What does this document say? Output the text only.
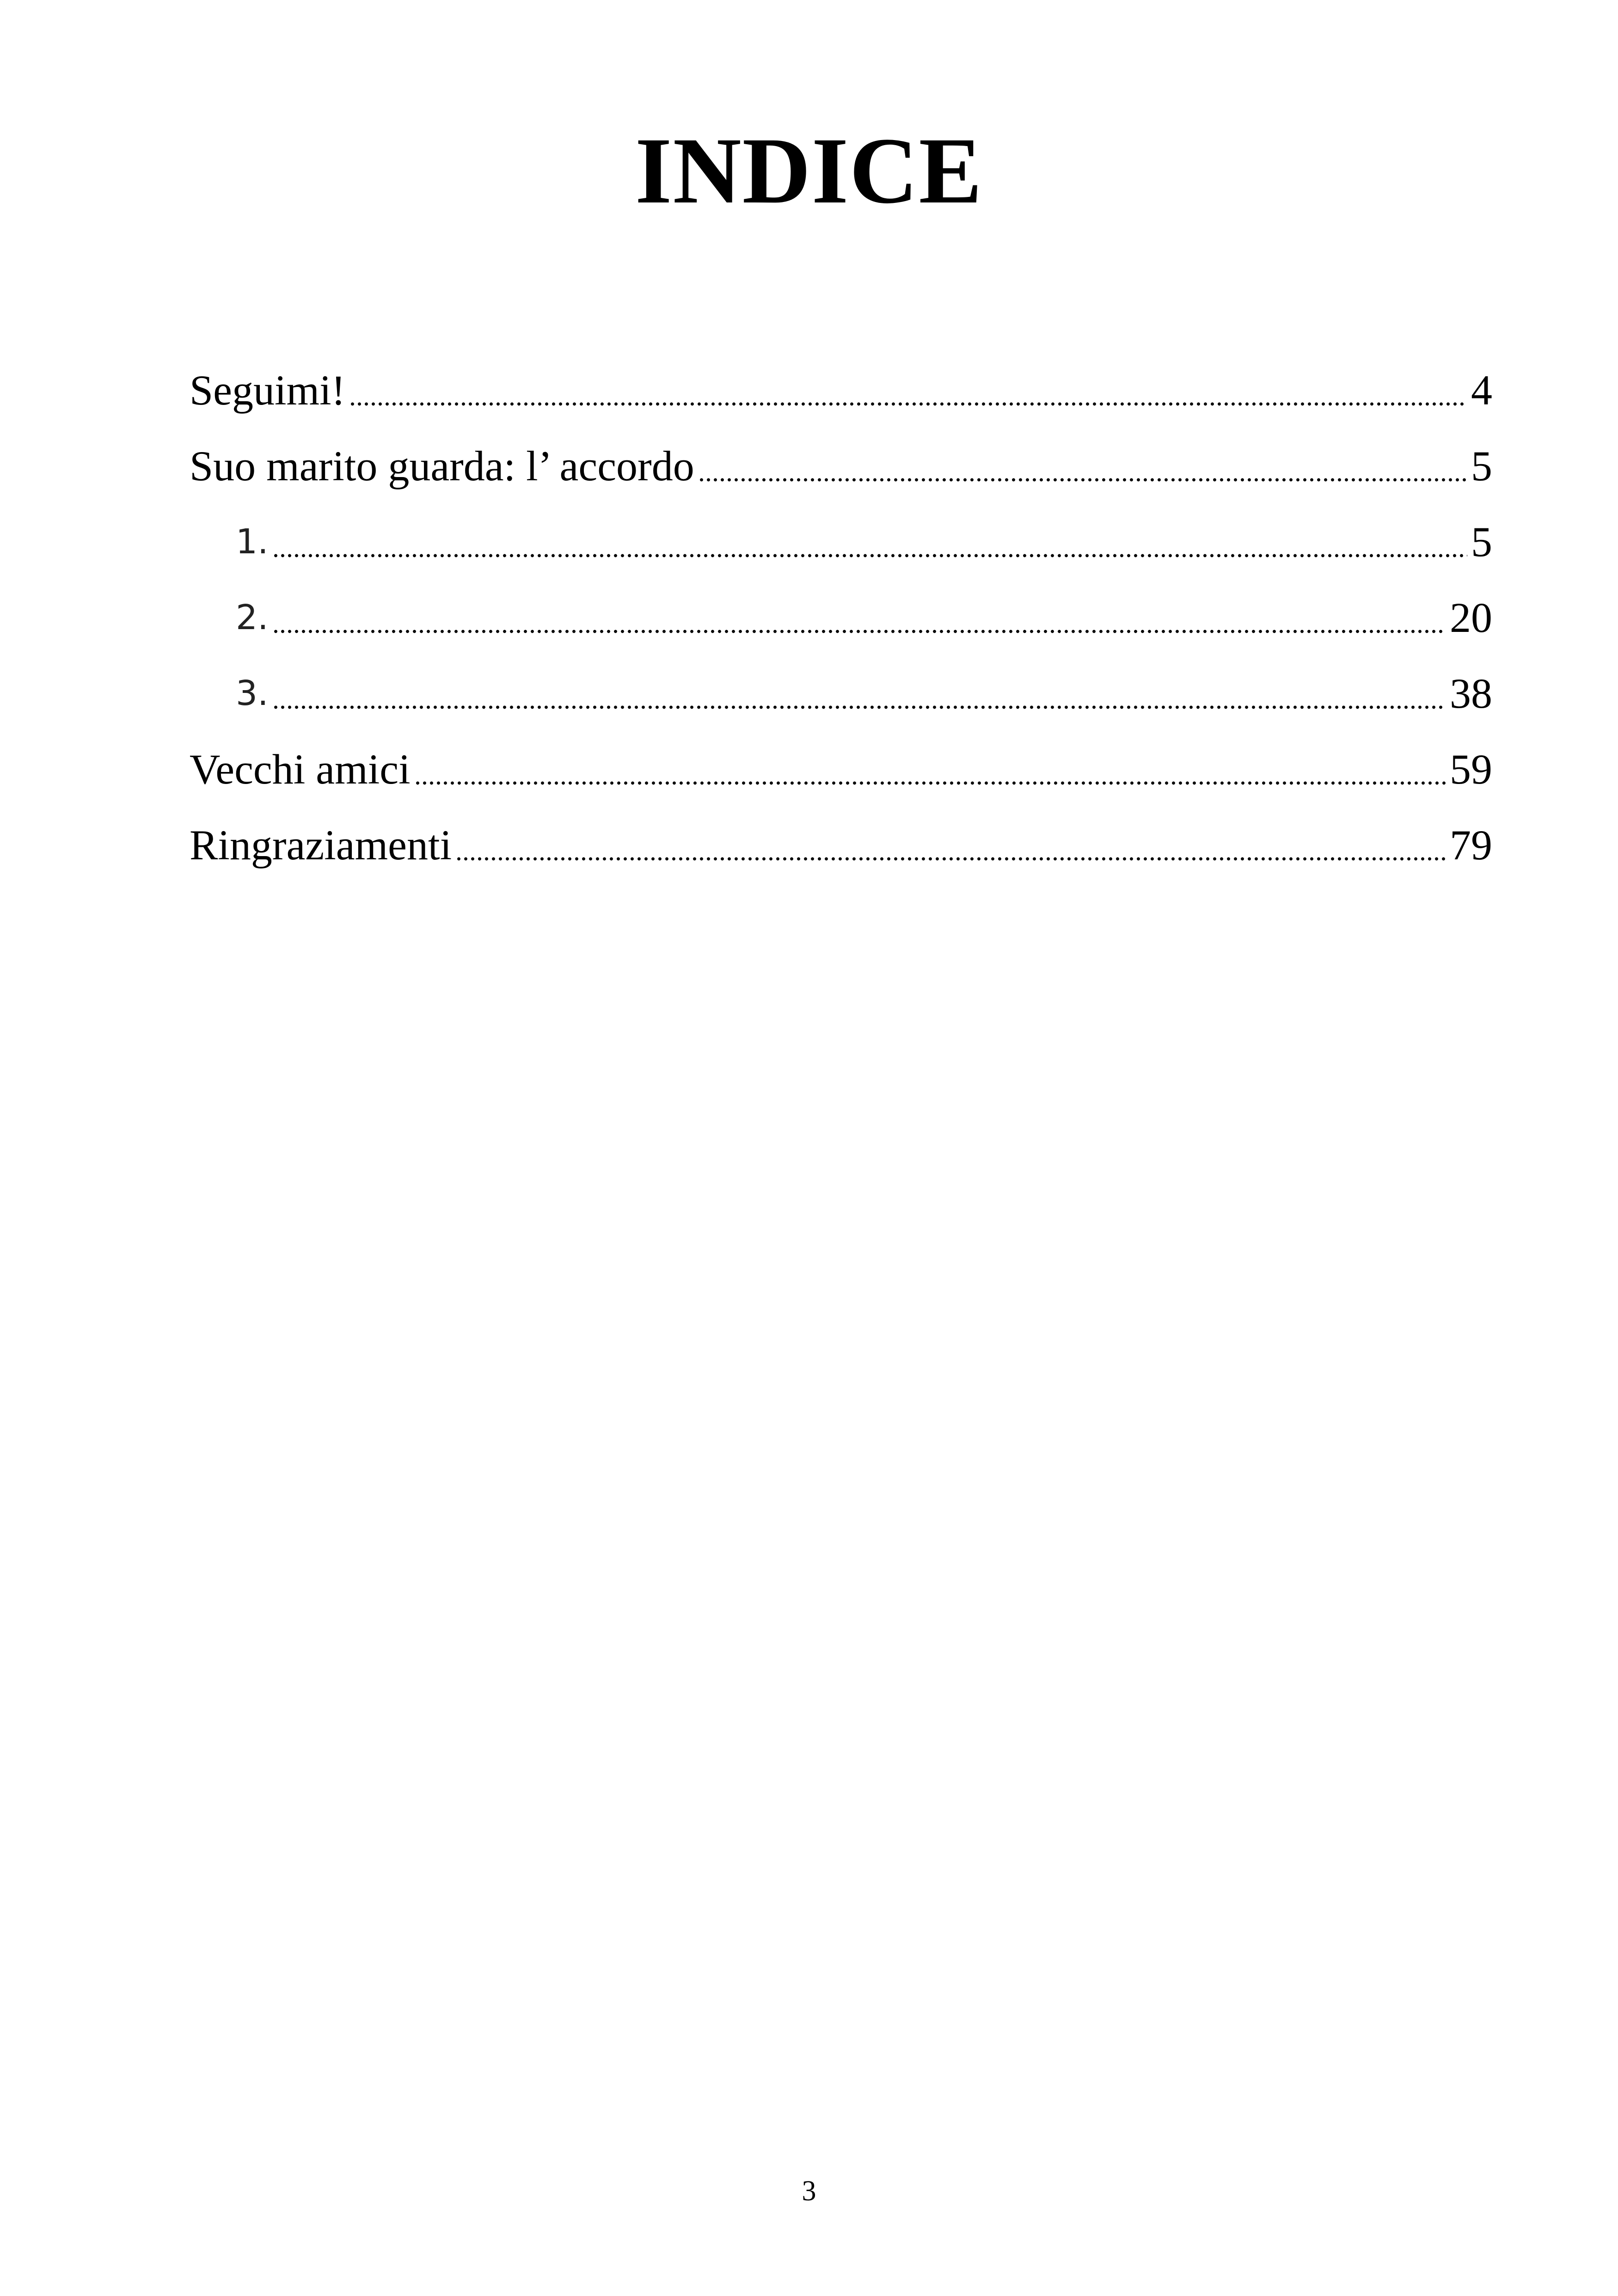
INDICE
Seguimi!	4
Suo marito guarda: l’ accordo	5
1.	5
2.	20
3.	38
Vecchi amici	59
Ringraziamenti	79
3
